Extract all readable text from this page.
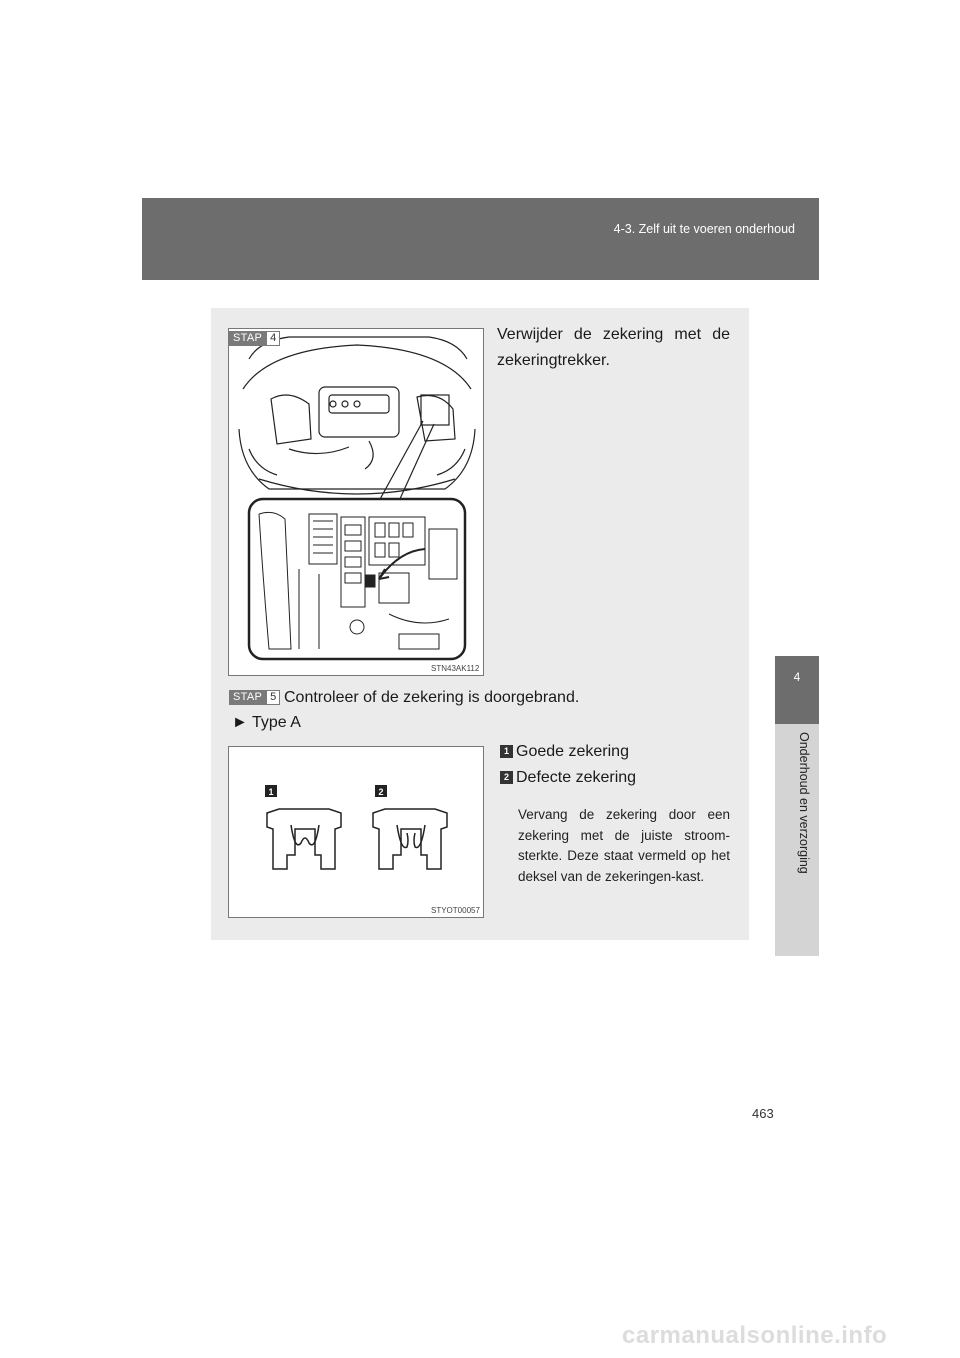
4-3. Zelf uit te voeren onderhoud
4
Onderhoud en verzorging
STAP 4
STN43AK112
Verwijder de zekering met de zekeringtrekker.
STAP 5 Controleer of de zekering is doorgebrand.
► Type A
1	2
STYOT00057
1 Goede zekering
2 Defecte zekering
Vervang de zekering door een zekering met de juiste stroom-sterkte. Deze staat vermeld op het deksel van de zekeringen-kast.
463
carmanualsonline.info
